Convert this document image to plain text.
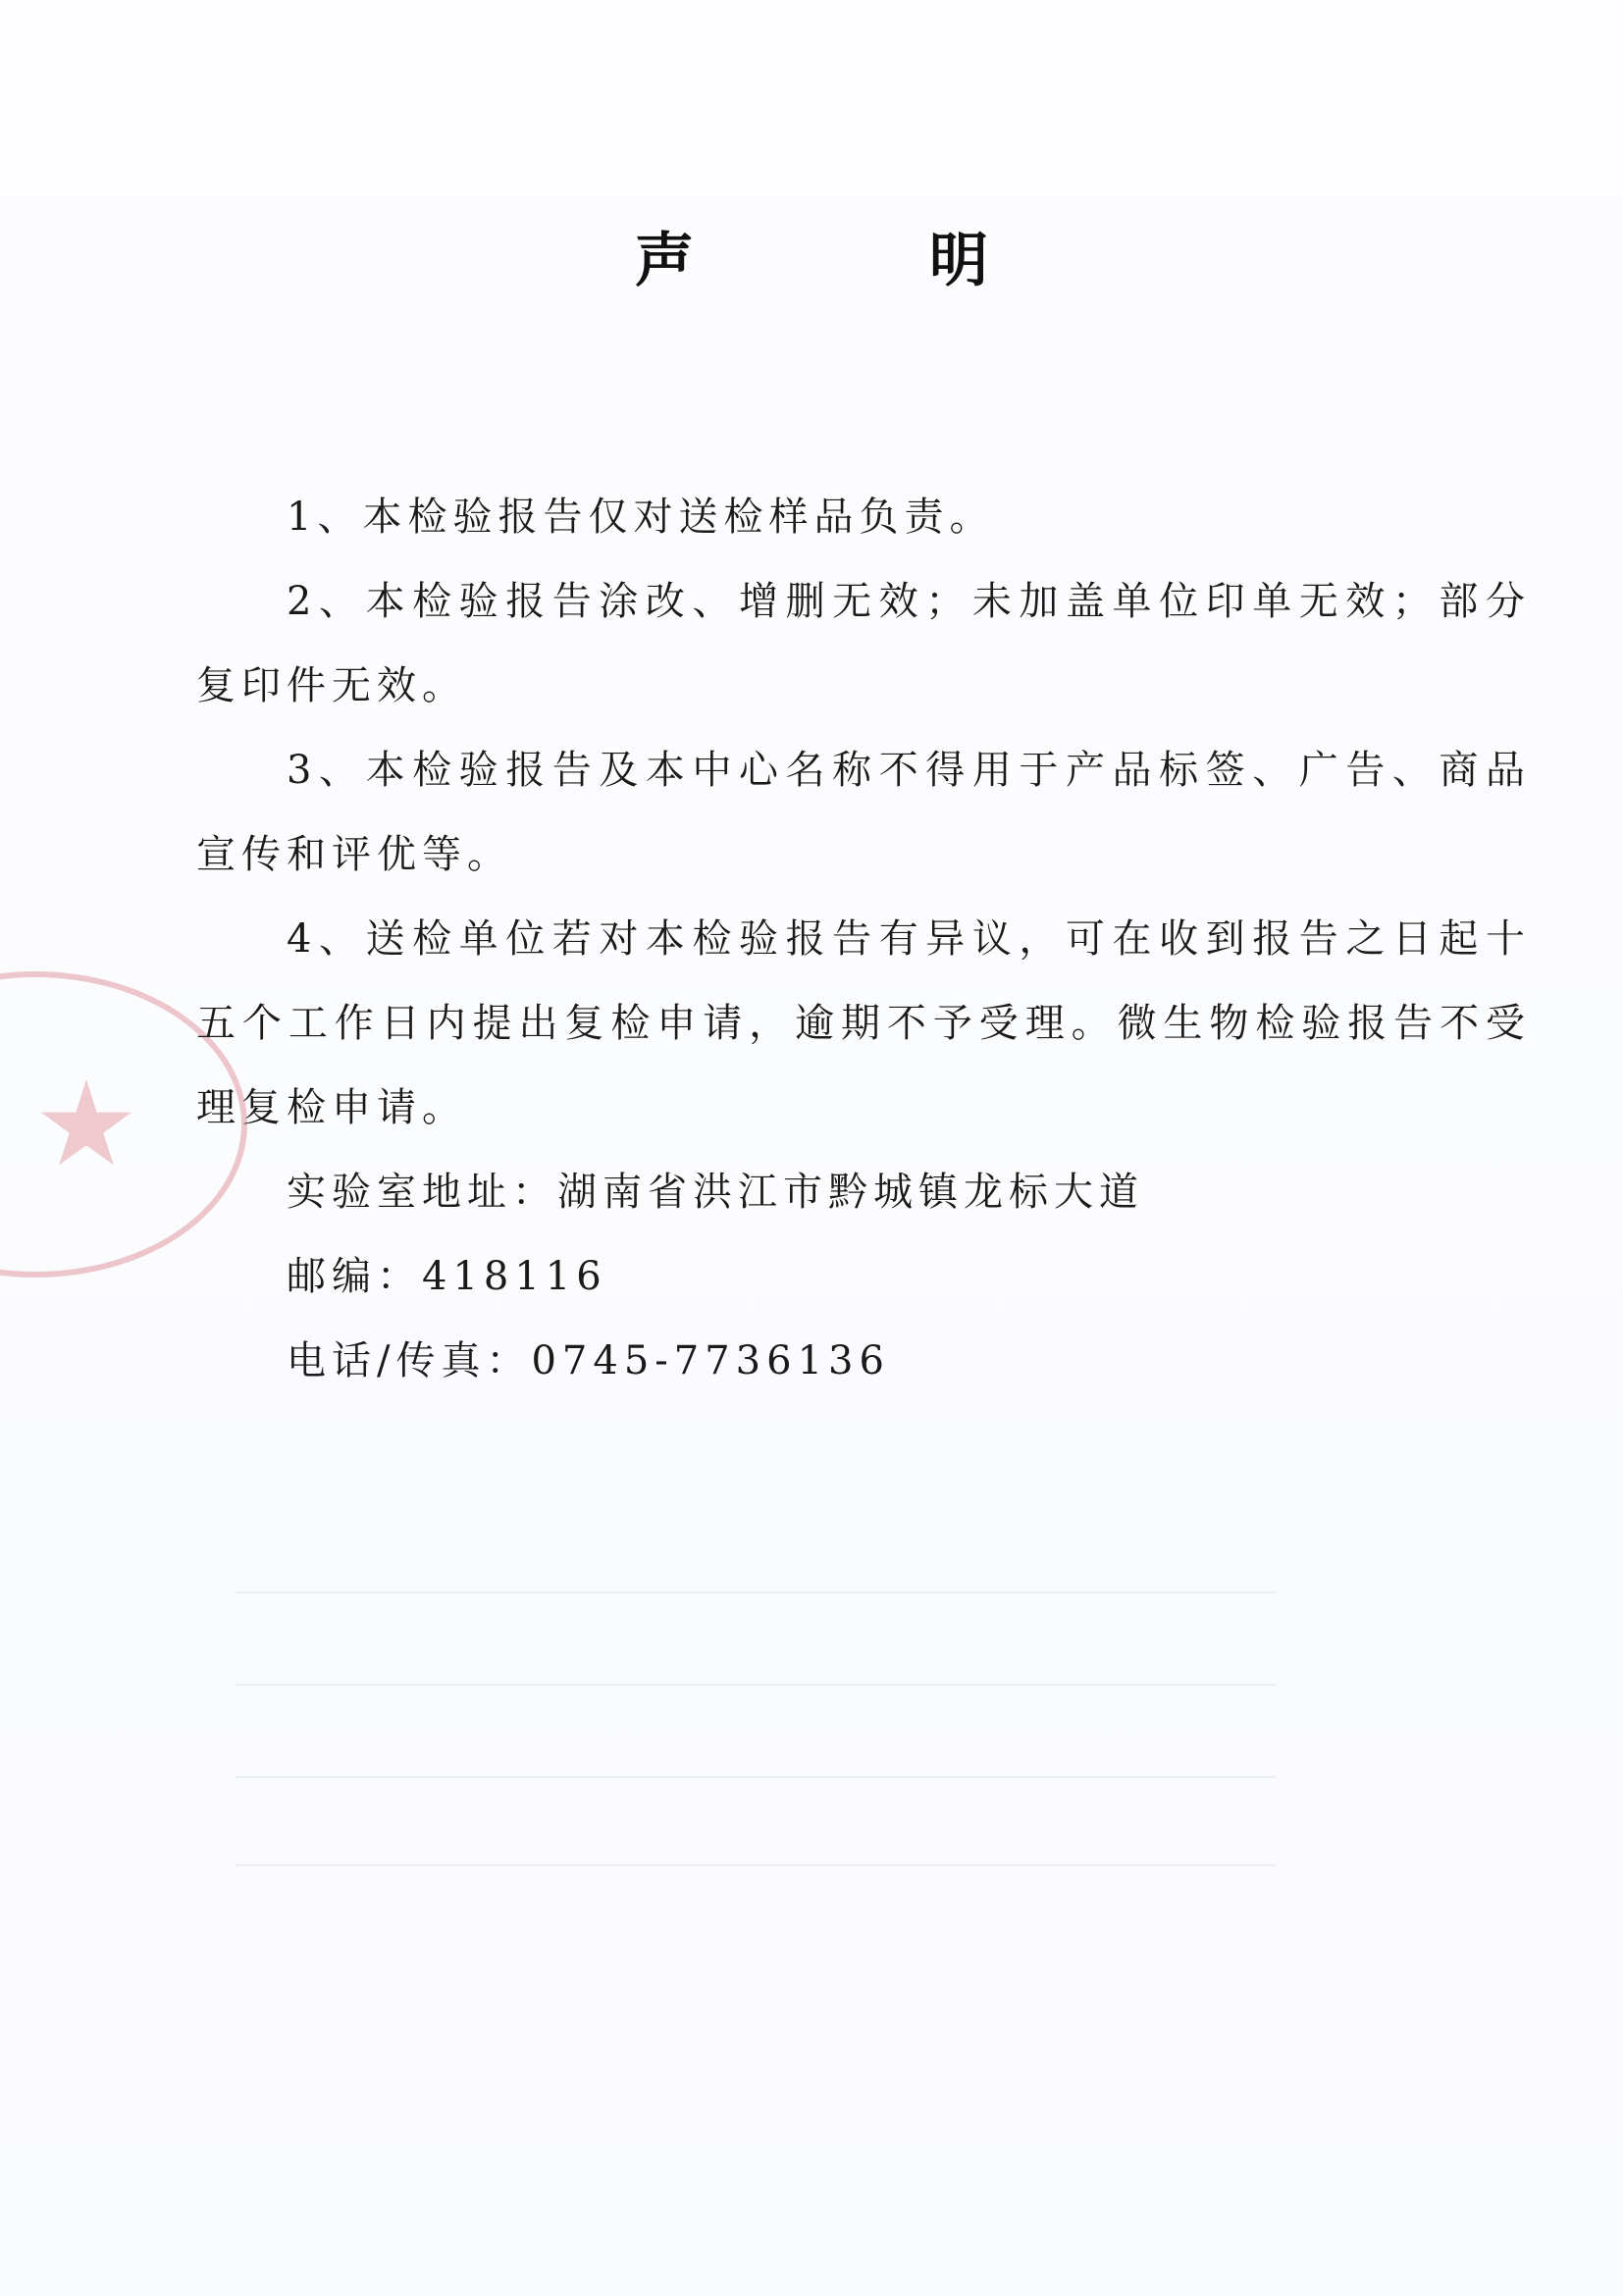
声　明

1、本检验报告仅对送检样品负责。

2、本检验报告涂改、增删无效；未加盖单位印单无效；部分复印件无效。

3、本检验报告及本中心名称不得用于产品标签、广告、商品宣传和评优等。

4、送检单位若对本检验报告有异议，可在收到报告之日起十五个工作日内提出复检申请，逾期不予受理。微生物检验报告不受理复检申请。

实验室地址：湖南省洪江市黔城镇龙标大道

邮编：418116

电话/传真：0745-7736136
